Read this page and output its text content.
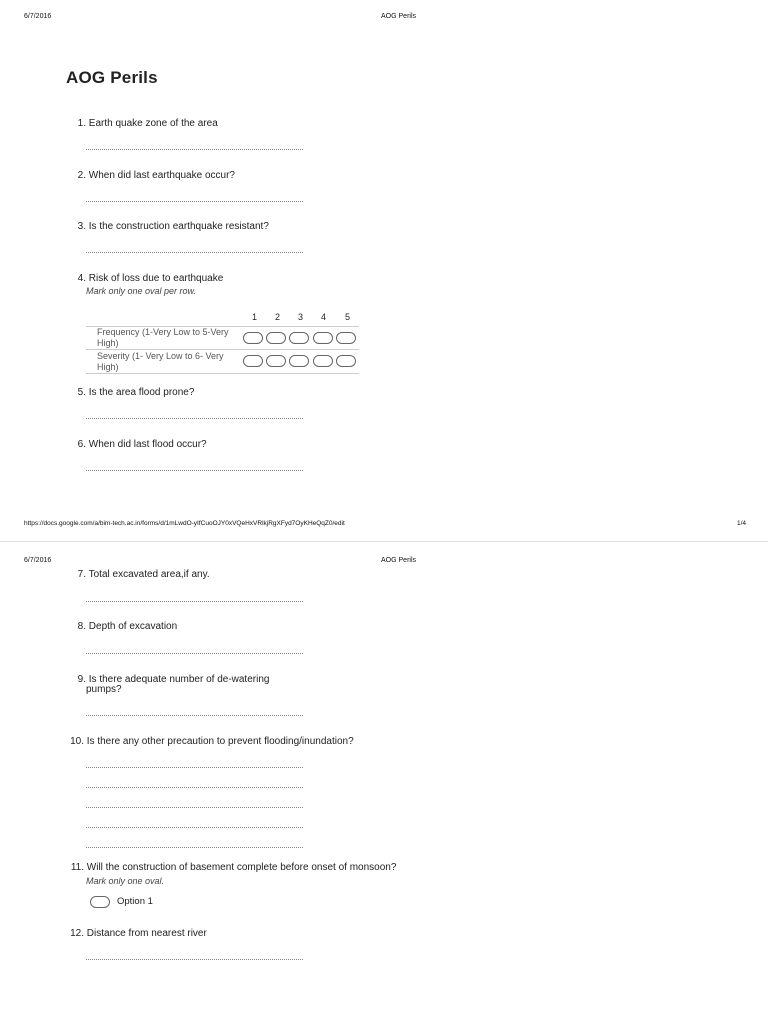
6/7/2016	AOG Perils
AOG Perils
1. Earth quake zone of the area
2. When did last earthquake occur?
3. Is the construction earthquake resistant?
4. Risk of loss due to earthquake
Mark only one oval per row.
1	2	3	4	5
Frequency (1-Very Low to 5-Very High)
Severity (1- Very Low to 6- Very High)
5. Is the area flood prone?
6. When did last flood occur?
https://docs.google.com/a/bim-tech.ac.in/forms/d/1mLwdO-yIfCuoOJY0xVQeHxVRlkjRgXFyd7OyKHeQqZ0/edit	1/4
6/7/2016	AOG Perils
7. Total excavated area,if any.
8. Depth of excavation
9. Is there adequate number of de-watering
pumps?
10. Is there any other precaution to prevent flooding/inundation?
11. Will the construction of basement complete before onset of monsoon?
Mark only one oval.
Option 1
12. Distance from nearest river
